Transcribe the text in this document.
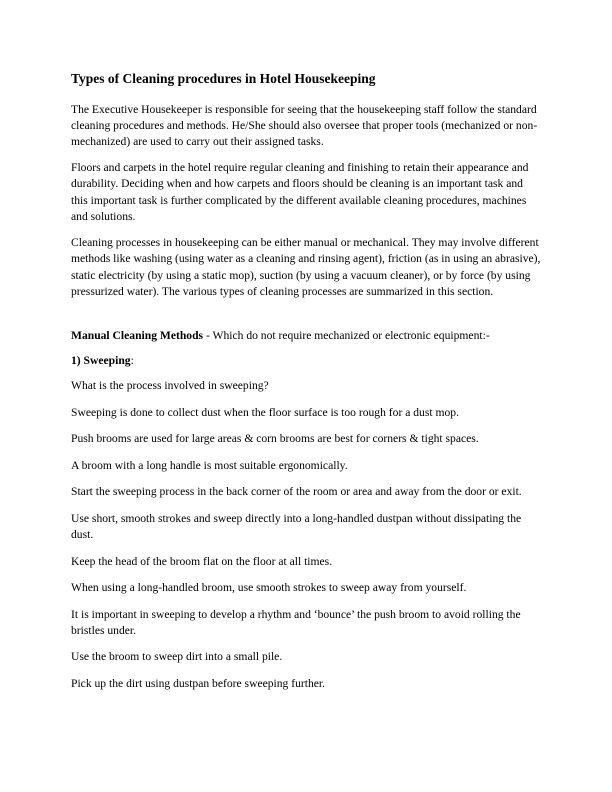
Types of Cleaning procedures in Hotel Housekeeping

The Executive Housekeeper is responsible for seeing that the housekeeping staff follow the standard cleaning procedures and methods. He/She should also oversee that proper tools (mechanized or non-mechanized) are used to carry out their assigned tasks.

Floors and carpets in the hotel require regular cleaning and finishing to retain their appearance and durability. Deciding when and how carpets and floors should be cleaning is an important task and this important task is further complicated by the different available cleaning procedures, machines and solutions.

Cleaning processes in housekeeping can be either manual or mechanical. They may involve different methods like washing (using water as a cleaning and rinsing agent), friction (as in using an abrasive), static electricity (by using a static mop), suction (by using a vacuum cleaner), or by force (by using pressurized water). The various types of cleaning processes are summarized in this section.

Manual Cleaning Methods - Which do not require mechanized or electronic equipment:-

1) Sweeping:

What is the process involved in sweeping?

Sweeping is done to collect dust when the floor surface is too rough for a dust mop.

Push brooms are used for large areas & corn brooms are best for corners & tight spaces.

A broom with a long handle is most suitable ergonomically.

Start the sweeping process in the back corner of the room or area and away from the door or exit.

Use short, smooth strokes and sweep directly into a long-handled dustpan without dissipating the dust.

Keep the head of the broom flat on the floor at all times.

When using a long-handled broom, use smooth strokes to sweep away from yourself.

It is important in sweeping to develop a rhythm and ‘bounce’ the push broom to avoid rolling the bristles under.

Use the broom to sweep dirt into a small pile.

Pick up the dirt using dustpan before sweeping further.
